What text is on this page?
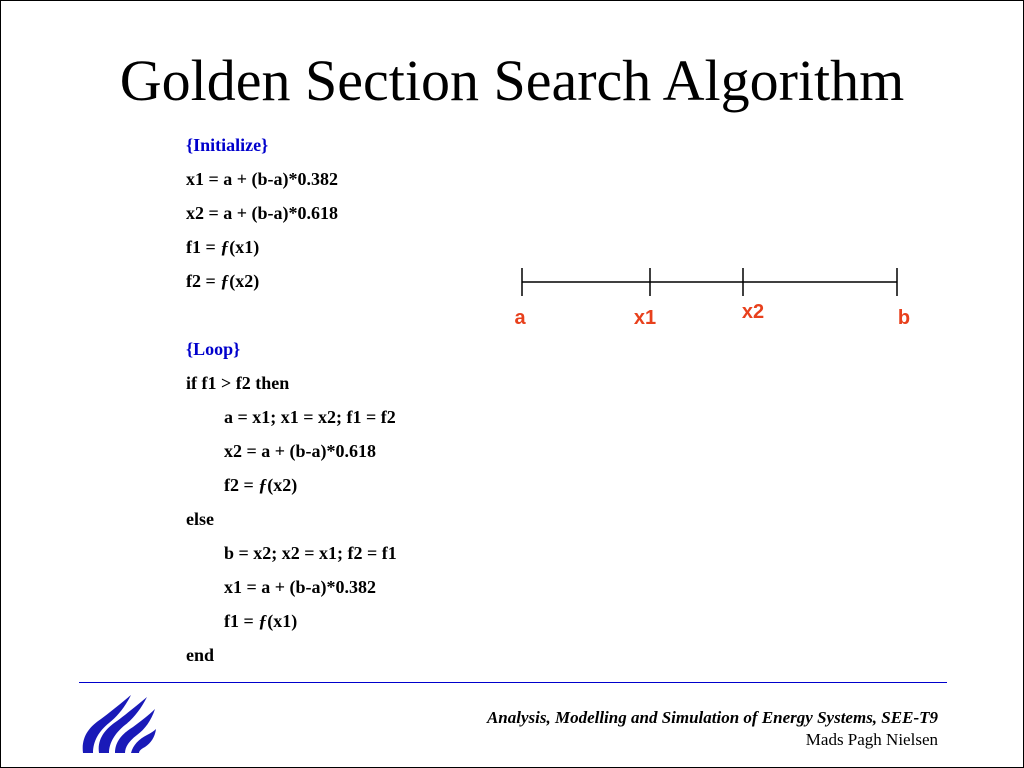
Golden Section Search Algorithm
{Initialize}
x1 = a + (b-a)*0.382
x2 = a + (b-a)*0.618
f1 = ƒ(x1)
f2 = ƒ(x2)
{Loop}
if f1 > f2 then
a = x1; x1 = x2; f1 = f2
x2 = a + (b-a)*0.618
f2 = ƒ(x2)
else
b = x2; x2 = x1; f2 = f1
x1 = a + (b-a)*0.382
f1 = ƒ(x1)
end
a	x1	x2	b
Analysis, Modelling and Simulation of Energy Systems, SEE-T9
Mads Pagh Nielsen
